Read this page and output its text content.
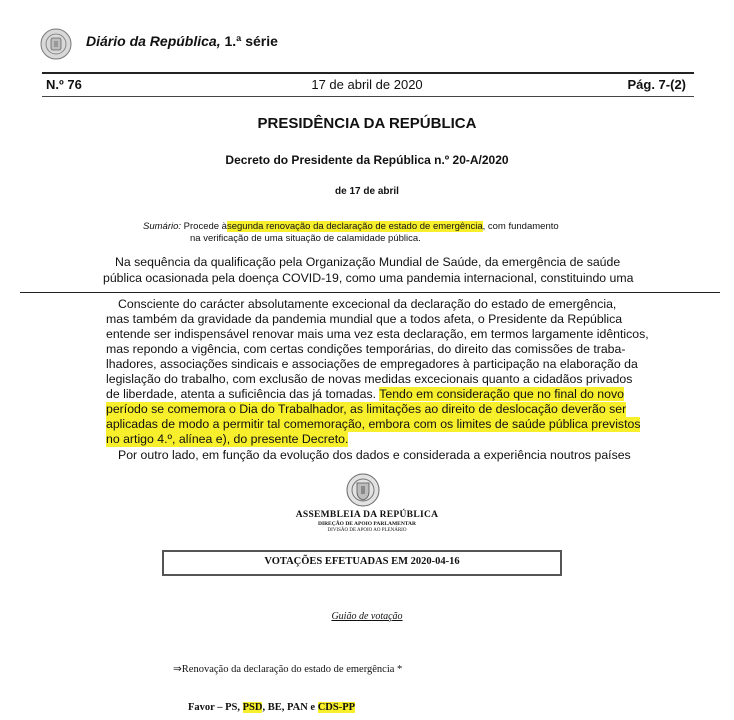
Diário da República, 1.ª série
N.º 76	17 de abril de 2020	Pág. 7-(2)
PRESIDÊNCIA DA REPÚBLICA
Decreto do Presidente da República n.º 20-A/2020
de 17 de abril
Sumário: Procede àsegunda renovação da declaração de estado de emergência, com fundamento
na verificação de uma situação de calamidade pública.
Na sequência da qualificação pela Organização Mundial de Saúde, da emergência de saúde
pública ocasionada pela doença COVID-19, como uma pandemia internacional, constituindo uma
Consciente do carácter absolutamente excecional da declaração do estado de emergência,
mas também da gravidade da pandemia mundial que a todos afeta, o Presidente da República
entende ser indispensável renovar mais uma vez esta declaração, em termos largamente idênticos,
mas repondo a vigência, com certas condições temporárias, do direito das comissões de traba-
lhadores, associações sindicais e associações de empregadores à participação na elaboração da
legislação do trabalho, com exclusão de novas medidas excecionais quanto a cidadãos privados
de liberdade, atenta a suficiência das já tomadas. Tendo em consideração que no final do novo
período se comemora o Dia do Trabalhador, as limitações ao direito de deslocação deverão ser
aplicadas de modo a permitir tal comemoração, embora com os limites de saúde pública previstos
no artigo 4.º, alínea e), do presente Decreto.
Por outro lado, em função da evolução dos dados e considerada a experiência noutros países
ASSEMBLEIA DA REPÚBLICA
DIREÇÃO DE APOIO PARLAMENTAR
DIVISÃO DE APOIO AO PLENÁRIO
VOTAÇÕES EFETUADAS EM 2020-04-16
Guião de votação
⇒Renovação da declaração do estado de emergência *
Favor – PS, PSD, BE, PAN e CDS-PP
